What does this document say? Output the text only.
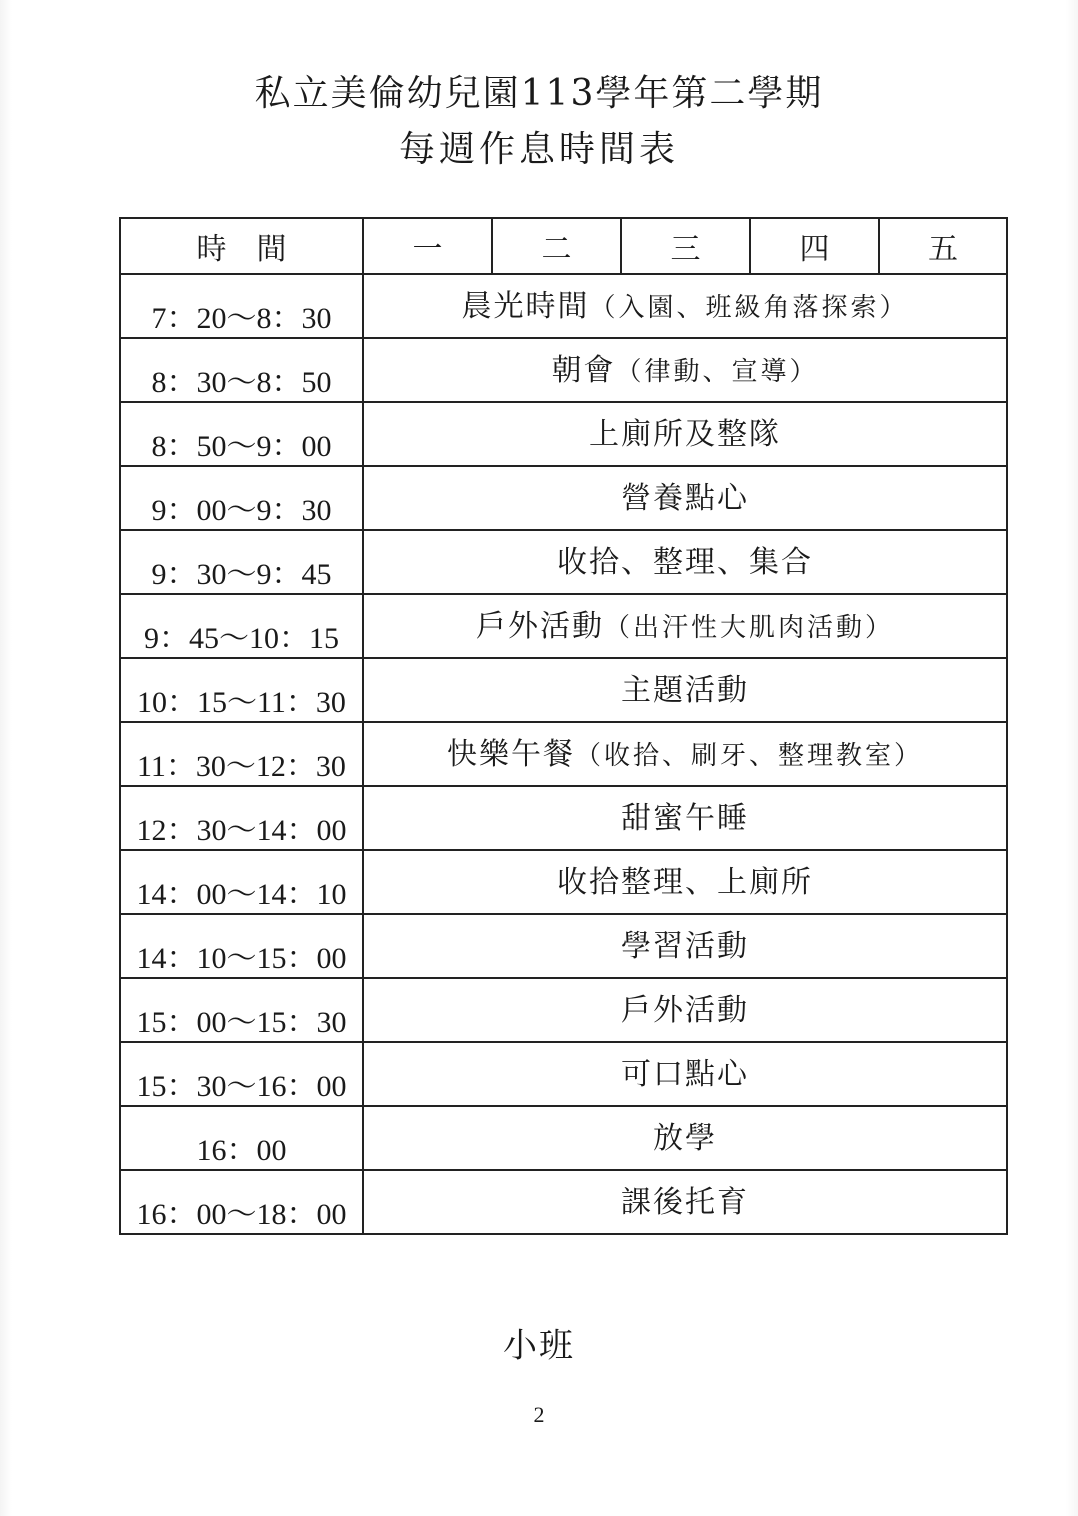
私立美倫幼兒園113學年第二學期
每週作息時間表
時　間	一	二	三	四	五
7：20～8：30	晨光時間（入園、班級角落探索）				
8：30～8：50	朝會（律動、宣導）				
8：50～9：00	上廁所及整隊				
9：00～9：30	營養點心				
9：30～9：45	收拾、整理、集合				
9：45～10：15	戶外活動（出汗性大肌肉活動）				
10：15～11：30	主題活動				
11：30～12：30	快樂午餐（收拾、刷牙、整理教室）				
12：30～14：00	甜蜜午睡				
14：00～14：10	收拾整理、上廁所				
14：10～15：00	學習活動				
15：00～15：30	戶外活動				
15：30～16：00	可口點心				
16：00	放學				
16：00～18：00	課後托育				
小班
2
